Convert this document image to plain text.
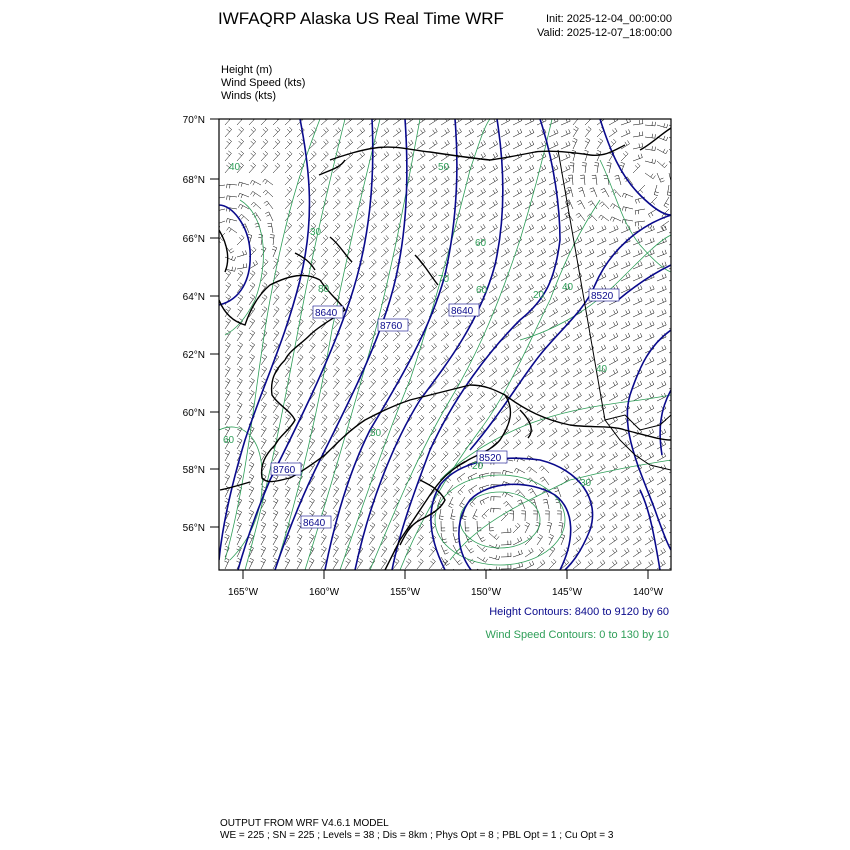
IWFAQRP Alaska US Real Time WRF	Init: 2025-12-04_00:00:00
Valid: 2025-12-07_18:00:00
Height (m)
Wind Speed (kts)
Winds (kts)
8520
8640
8760
8640
8520
8760
8640
40
30
50
60
80
70
60	20
40
30
20
60
50
40
70°N
68°N
66°N
64°N
62°N
60°N
58°N
56°N
165°W	160°W	155°W	150°W	145°W	140°W
Height Contours: 8400 to 9120 by 60
Wind Speed Contours: 0 to 130 by 10
OUTPUT FROM WRF V4.6.1 MODEL
WE = 225 ; SN = 225 ; Levels = 38 ; Dis = 8km ; Phys Opt = 8 ; PBL Opt = 1 ; Cu Opt = 3
